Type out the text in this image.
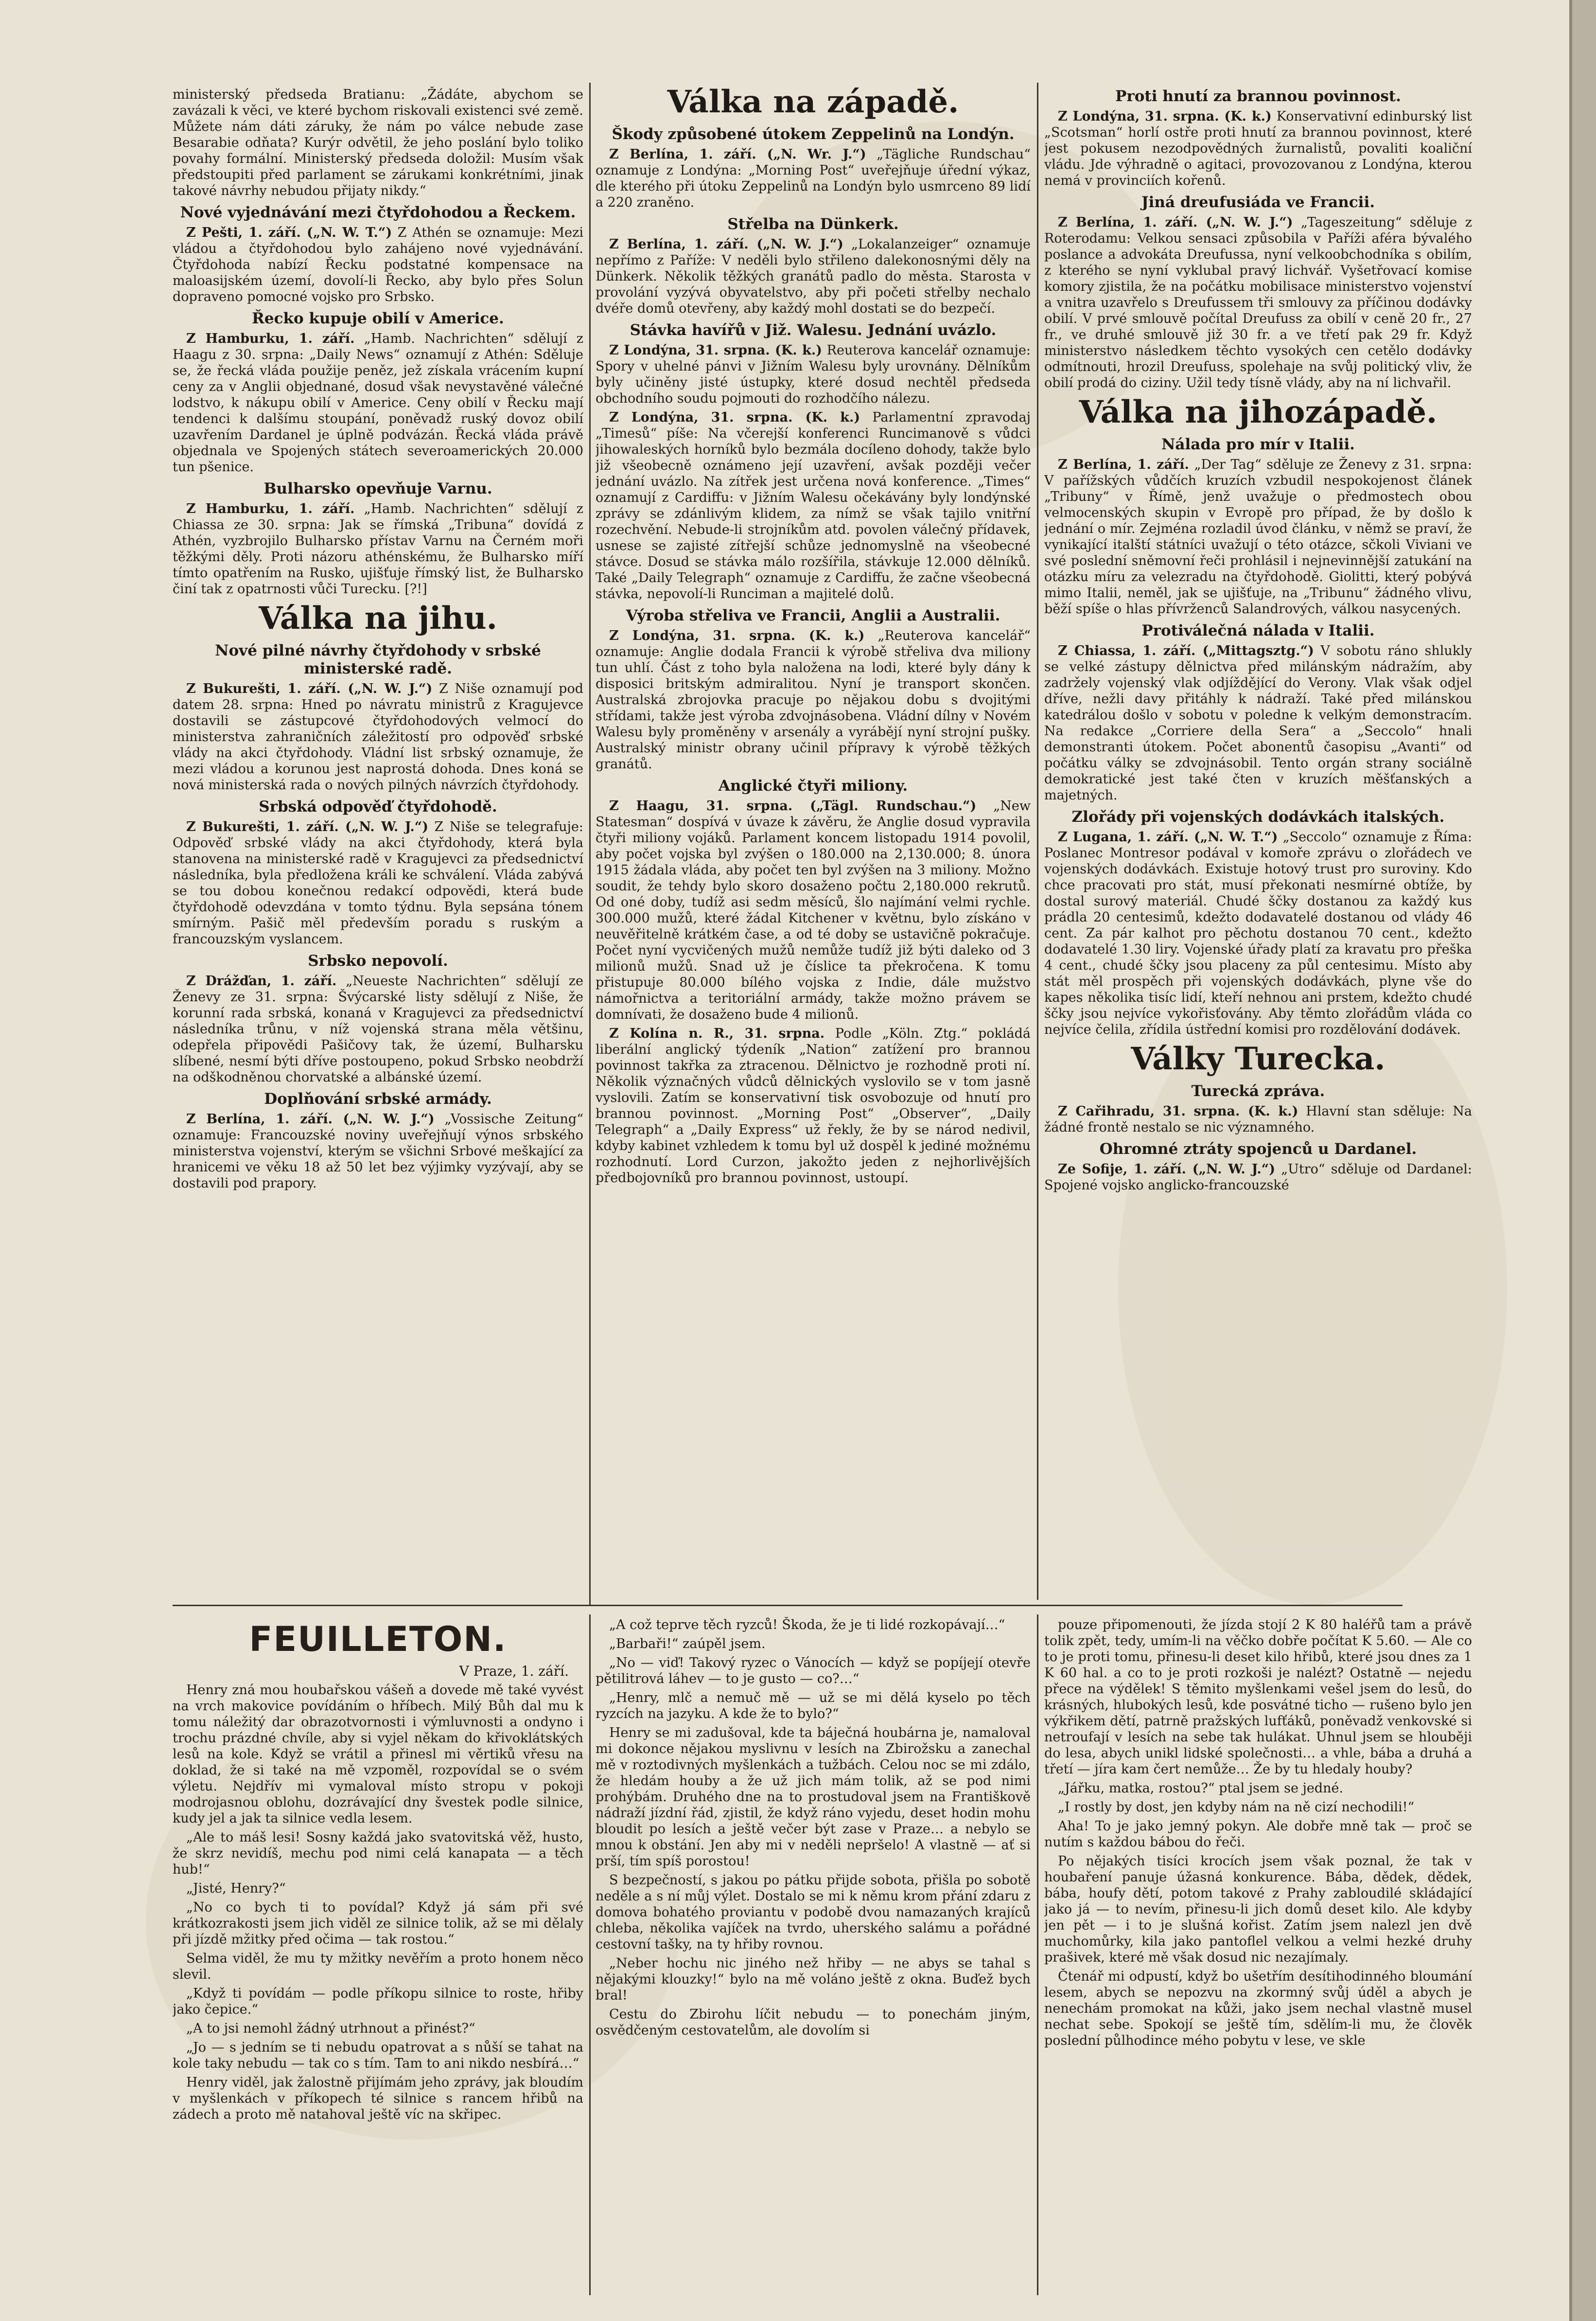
ministerský předseda Bratianu: „Žádáte, abychom se zavázali k věci, ve které bychom riskovali existenci své země. Můžete nám dáti záruky, že nám po válce nebude zase Besarabie odňata? Kurýr odvětil, že jeho poslání bylo toliko povahy formální. Ministerský předseda doložil: Musím však předstoupiti před parlament se zárukami konkrétními, jinak takové návrhy nebudou přijaty nikdy.“

Nové vyjednávání mezi čtyřdohodou a Řeckem.

Z Pešti, 1. září. („N. W. T.“) Z Athén se oznamuje: Mezi vládou a čtyřdohodou bylo zahájeno nové vyjednávání. Čtyřdohoda nabízí Řecku podstatné kompensace na maloasijském území, dovolí-li Řecko, aby bylo přes Solun dopraveno pomocné vojsko pro Srbsko.

Řecko kupuje obilí v Americe.

Z Hamburku, 1. září. „Hamb. Nachrichten“ sdělují z Haagu z 30. srpna: „Daily News“ oznamují z Athén: Sděluje se, že řecká vláda použije peněz, jež získala vrácením kupní ceny za v Anglii objednané, dosud však nevystavěné válečné lodstvo, k nákupu obilí v Americe. Ceny obilí v Řecku mají tendenci k dalšímu stoupání, poněvadž ruský dovoz obilí uzavřením Dardanel je úplně podvázán. Řecká vláda právě objednala ve Spojených státech severoamerických 20.000 tun pšenice.

Bulharsko opevňuje Varnu.

Z Hamburku, 1. září. „Hamb. Nachrichten“ sdělují z Chiassa ze 30. srpna: Jak se římská „Tribuna“ dovídá z Athén, vyzbrojilo Bulharsko přístav Varnu na Černém moři těžkými děly. Proti názoru athénskému, že Bulharsko míří tímto opatřením na Rusko, ujišťuje římský list, že Bulharsko činí tak z opatrnosti vůči Turecku. [?!]

Válka na jihu.
Nové pilné návrhy čtyřdohody v srbské ministerské radě.

Z Bukurešti, 1. září. („N. W. J.“) Z Niše oznamují pod datem 28. srpna: Hned po návratu ministrů z Kragujevce dostavili se zástupcové čtyřdohodových velmocí do ministerstva zahraničních záležitostí pro odpověď srbské vlády na akci čtyřdohody. Vládní list srbský oznamuje, že mezi vládou a korunou jest naprostá dohoda. Dnes koná se nová ministerská rada o nových pilných návrzích čtyřdohody.

Srbská odpověď čtyřdohodě.

Z Bukurešti, 1. září. („N. W. J.“) Z Niše se telegrafuje: Odpověď srbské vlády na akci čtyřdohody, která byla stanovena na ministerské radě v Kragujevci za předsednictví následníka, byla předložena králi ke schválení. Vláda zabývá se tou dobou konečnou redakcí odpovědi, která bude čtyřdohodě odevzdána v tomto týdnu. Byla sepsána tónem smírným. Pašič měl především poradu s ruským a francouzským vyslancem.

Srbsko nepovolí.

Z Drážďan, 1. září. „Neueste Nachrichten“ sdělují ze Ženevy ze 31. srpna: Švýcarské listy sdělují z Niše, že korunní rada srbská, konaná v Kragujevci za předsednictví následníka trůnu, v níž vojenská strana měla většinu, odepřela připovědi Pašičovy tak, že území, Bulharsku slíbené, nesmí býti dříve postoupeno, pokud Srbsko neobdrží na odškodněnou chorvatské a albánské území.

Doplňování srbské armády.

Z Berlína, 1. září. („N. W. J.“) „Vossische Zeitung“ oznamuje: Francouzské noviny uveřejňují výnos srbského ministerstva vojenství, kterým se všichni Srbové meškající za hranicemi ve věku 18 až 50 let bez výjimky vyzývají, aby se dostavili pod prapory.

Válka na západě.
Škody způsobené útokem Zeppelinů na Londýn.

Z Berlína, 1. září. („N. Wr. J.“) „Tägliche Rundschau“ oznamuje z Londýna: „Morning Post“ uveřejňuje úřední výkaz, dle kterého při útoku Zeppelinů na Londýn bylo usmrceno 89 lidí a 220 zraněno.

Střelba na Dünkerk.

Z Berlína, 1. září. („N. W. J.“) „Lokalanzeiger“ oznamuje nepřímo z Paříže: V neděli bylo střileno dalekonosnými děly na Dünkerk. Několik těžkých granátů padlo do města. Starosta v provolání vyzývá obyvatelstvo, aby při početi střelby nechalo dvéře domů otevřeny, aby každý mohl dostati se do bezpečí.

Stávka havířů v Již. Walesu. Jednání uvázlo.

Z Londýna, 31. srpna. (K. k.) Reuterova kancelář oznamuje: Spory v uhelné pánvi v Jižním Walesu byly urovnány. Dělníkům byly učiněny jisté ústupky, které dosud nechtěl předseda obchodního soudu pojmouti do rozhodčího nálezu.

Z Londýna, 31. srpna. (K. k.) Parlamentní zpravodaj „Timesů“ píše: Na včerejší konferenci Runcimanově s vůdci jihowaleských horníků bylo bezmála docíleno dohody, takže bylo již všeobecně oznámeno její uzavření, avšak později večer jednání uvázlo. Na zítřek jest určena nová konference. „Times“ oznamují z Cardiffu: v Jižním Walesu očekávány byly londýnské zprávy se zdánlivým klidem, za nímž se však tajilo vnitřní rozechvění. Nebude-li strojníkům atd. povolen válečný přídavek, usnese se zajisté zítřejší schůze jednomyslně na všeobecné stávce. Dosud se stávka málo rozšířila, stávkuje 12.000 dělníků. Také „Daily Telegraph“ oznamuje z Cardiffu, že začne všeobecná stávka, nepovolí-li Runciman a majitelé dolů.

Výroba střeliva ve Francii, Anglii a Australii.

Z Londýna, 31. srpna. (K. k.) „Reuterova kancelář“ oznamuje: Anglie dodala Francii k výrobě střeliva dva miliony tun uhlí. Část z toho byla naložena na lodi, které byly dány k disposici britským admiralitou. Nyní je transport skončen. Australská zbrojovka pracuje po nějakou dobu s dvojitými střídami, takže jest výroba zdvojnásobena. Vládní dílny v Novém Walesu byly proměněny v arsenály a vyrábějí nyní strojní pušky. Australský ministr obrany učinil přípravy k výrobě těžkých granátů.

Anglické čtyři miliony.

Z Haagu, 31. srpna. („Tägl. Rundschau.“) „New Statesman“ dospívá v úvaze k závěru, že Anglie dosud vypravila čtyři miliony vojáků. Parlament koncem listopadu 1914 povolil, aby počet vojska byl zvýšen o 180.000 na 2,130.000; 8. února 1915 žádala vláda, aby počet ten byl zvýšen na 3 miliony. Možno soudit, že tehdy bylo skoro dosaženo počtu 2,180.000 rekrutů. Od oné doby, tudíž asi sedm měsíců, šlo najímání velmi rychle. 300.000 mužů, které žádal Kitchener v květnu, bylo získáno v neuvěřitelně krátkém čase, a od té doby se ustavičně pokračuje. Počet nyní vycvičených mužů nemůže tudíž již býti daleko od 3 milionů mužů. Snad už je číslice ta překročena. K tomu přistupuje 80.000 bílého vojska z Indie, dále mužstvo námořnictva a teritoriální armády, takže možno právem se domnívati, že dosaženo bude 4 milionů.

Z Kolína n. R., 31. srpna. Podle „Köln. Ztg.“ pokládá liberální anglický týdeník „Nation“ zatížení pro brannou povinnost takřka za ztracenou. Dělnictvo je rozhodně proti ní. Několik význačných vůdců dělnických vyslovilo se v tom jasně vyslovili. Zatím se konservativní tisk osvobozuje od hnutí pro brannou povinnost. „Morning Post“ „Observer“, „Daily Telegraph“ a „Daily Express“ už řekly, že by se národ nedivil, kdyby kabinet vzhledem k tomu byl už dospěl k jediné možnému rozhodnutí. Lord Curzon, jakožto jeden z nejhorlivějších předbojovníků pro brannou povinnost, ustoupí.

Proti hnutí za brannou povinnost.

Z Londýna, 31. srpna. (K. k.) Konservativní edinburský list „Scotsman“ horlí ostře proti hnutí za brannou povinnost, které jest pokusem nezodpovědných žurnalistů, povaliti koaliční vládu. Jde výhradně o agitaci, provozovanou z Londýna, kterou nemá v provinciích kořenů.

Jiná dreufusiáda ve Francii.

Z Berlína, 1. září. („N. W. J.“) „Tageszeitung“ sděluje z Roterodamu: Velkou sensaci způsobila v Paříži aféra bývalého poslance a advokáta Dreufussa, nyní velkoobchodníka s obilím, z kterého se nyní vyklubal pravý lichvář. Vyšetřovací komise komory zjistila, že na počátku mobilisace ministerstvo vojenství a vnitra uzavřelo s Dreufussem tři smlouvy za příčinou dodávky obilí. V prvé smlouvě počítal Dreufuss za obilí v ceně 20 fr., 27 fr., ve druhé smlouvě již 30 fr. a ve třetí pak 29 fr. Když ministerstvo následkem těchto vysokých cen cetělo dodávky odmítnouti, hrozil Dreufuss, spolehaje na svůj politický vliv, že obilí prodá do ciziny. Užil tedy tísně vlády, aby na ní lichvařil.

Válka na jihozápadě.
Nálada pro mír v Italii.

Z Berlína, 1. září. „Der Tag“ sděluje ze Ženevy z 31. srpna: V pařížských vůdčích kruzích vzbudil nespokojenost článek „Tribuny“ v Římě, jenž uvažuje o předmostech obou velmocenských skupin v Evropě pro případ, že by došlo k jednání o mír. Zejména rozladil úvod článku, v němž se praví, že vynikající italští státníci uvažují o této otázce, sčkoli Viviani ve své poslední sněmovní řeči prohlásil i nejnevinnější zatukání na otázku míru za velezradu na čtyřdohodě. Giolitti, který pobývá mimo Italii, neměl, jak se ujišťuje, na „Tribunu“ žádného vlivu, běží spíše o hlas přívrženců Salandrových, válkou nasycených.

Protiválečná nálada v Italii.

Z Chiassa, 1. září. („Mittagsztg.“) V sobotu ráno shlukly se velké zástupy dělnictva před milánským nádražím, aby zadržely vojenský vlak odjíždějící do Verony. Vlak však odjel dříve, nežli davy přitáhly k nádraží. Také před milánskou katedrálou došlo v sobotu v poledne k velkým demonstracím. Na redakce „Corriere della Sera“ a „Seccolo“ hnali demonstranti útokem. Počet abonentů časopisu „Avanti“ od počátku války se zdvojnásobil. Tento orgán strany sociálně demokratické jest také čten v kruzích měšťanských a majetných.

Zlořády při vojenských dodávkách italských.

Z Lugana, 1. září. („N. W. T.“) „Seccolo“ oznamuje z Říma: Poslanec Montresor podával v komoře zprávu o zlořádech ve vojenských dodávkách. Existuje hotový trust pro suroviny. Kdo chce pracovati pro stát, musí překonati nesmírné obtíže, by dostal surový materiál. Chudé ščky dostanou za každý kus prádla 20 centesimů, kdežto dodavatelé dostanou od vlády 46 cent. Za pár kalhot pro pěchotu dostanou 70 cent., kdežto dodavatelé 1.30 liry. Vojenské úřady platí za kravatu pro přeška 4 cent., chudé ščky jsou placeny za půl centesimu. Místo aby stát měl prospěch při vojenských dodávkách, plyne vše do kapes několika tisíc lidí, kteří nehnou ani prstem, kdežto chudé ščky jsou nejvíce vykořisťovány. Aby těmto zlořádům vláda co nejvíce čelila, zřídila ústřední komisi pro rozdělování dodávek.

Války Turecka.
Turecká zpráva.

Z Cařihradu, 31. srpna. (K. k.) Hlavní stan sděluje: Na žádné frontě nestalo se nic významného.

Ohromné ztráty spojenců u Dardanel.

Ze Sofije, 1. září. („N. W. J.“) „Utro“ sděluje od Dardanel: Spojené vojsko anglicko-francouzské

FEUILLETON.
V Praze, 1. září.

Henry zná mou houbařskou vášeň a dovede mě také vyvést na vrch makovice povídáním o hříbech. Milý Bůh dal mu k tomu náležitý dar obrazotvornosti i výmluvnosti a ondyno i trochu prázdné chvíle, aby si vyjel někam do křivoklátských lesů na kole. Když se vrátil a přinesl mi věrtiků vřesu na doklad, že si také na mě vzpoměl, rozpovídal se o svém výletu. Nejdřív mi vymaloval místo stropu v pokoji modrojasnou oblohu, dozrávající dny švestek podle silnice, kudy jel a jak ta silnice vedla lesem.

„Ale to máš lesi! Sosny každá jako svatovitská věž, husto, že skrz nevidíš, mechu pod nimi celá kanapata — a těch hub!“

„Jisté, Henry?“

„No co bych ti to povídal? Když já sám při své krátkozrakosti jsem jich viděl ze silnice tolik, až se mi dělaly při jízdě mžitky před očima — tak rostou.“

Selma viděl, že mu ty mžitky nevěřím a proto honem něco slevil.

„Když ti povídám — podle příkopu silnice to roste, hřiby jako čepice.“

„A to jsi nemohl žádný utrhnout a přinést?“

„Jo — s jedním se ti nebudu opatrovat a s nůší se tahat na kole taky nebudu — tak co s tím. Tam to ani nikdo nesbírá…“

Henry viděl, jak žalostně přijímám jeho zprávy, jak bloudím v myšlenkách v příkopech té silnice s rancem hřibů na zádech a proto mě natahoval ještě víc na skřipec.

„A což teprve těch ryzců! Škoda, že je ti lidé rozkopávají…“

„Barbaři!“ zaúpěl jsem.

„No — viď! Takový ryzec o Vánocích — když se popíjejí otevře pětilitrová láhev — to je gusto — co?…“

„Henry, mlč a nemuč mě — už se mi dělá kyselo po těch ryzcích na jazyku. A kde že to bylo?“

Henry se mi zadušoval, kde ta báječná houbárna je, namaloval mi dokonce nějakou myslivnu v lesích na Zbirožsku a zanechal mě v roztodivných myšlenkách a tužbách. Celou noc se mi zdálo, že hledám houby a že už jich mám tolik, až se pod nimi prohýbám. Druhého dne na to prostudoval jsem na Františkově nádraží jízdní řád, zjistil, že když ráno vyjedu, deset hodin mohu bloudit po lesích a ještě večer být zase v Praze… a nebylo se mnou k obstání. Jen aby mi v neděli nepršelo! A vlastně — ať si prší, tím spíš porostou!

S bezpečností, s jakou po pátku přijde sobota, přišla po sobotě neděle a s ní můj výlet. Dostalo se mi k němu krom přání zdaru z domova bohatého proviantu v podobě dvou namazaných krajíců chleba, několika vajíček na tvrdo, uherského salámu a pořádné cestovní tašky, na ty hřiby rovnou.

„Neber hochu nic jiného než hřiby — ne abys se tahal s nějakými klouzky!“ bylo na mě voláno ještě z okna. Buďež bych bral!

Cestu do Zbirohu líčit nebudu — to ponechám jiným, osvědčeným cestovatelům, ale dovolím si

pouze připomenouti, že jízda stojí 2 K 80 haléřů tam a právě tolik zpět, tedy, umím-li na věčko dobře počítat K 5.60. — Ale co to je proti tomu, přinesu-li deset kilo hřibů, které jsou dnes za 1 K 60 hal. a co to je proti rozkoši je nalézt? Ostatně — nejedu přece na výdělek! S těmito myšlenkami vešel jsem do lesů, do krásných, hlubokých lesů, kde posvátné ticho — rušeno bylo jen výkřikem dětí, patrně pražských lufťáků, poněvadž venkovské si netroufají v lesích na sebe tak hulákat. Uhnul jsem se hlouběji do lesa, abych unikl lidské společnosti… a vhle, bába a druhá a třetí — jíra kam čert nemůže… Že by tu hledaly houby?

„Jářku, matka, rostou?“ ptal jsem se jedné.

„I rostly by dost, jen kdyby nám na ně cizí nechodili!“

Aha! To je jako jemný pokyn. Ale dobře mně tak — proč se nutím s každou bábou do řeči.

Po nějakých tisíci krocích jsem však poznal, že tak v houbaření panuje úžasná konkurence. Bába, dědek, dědek, bába, houfy dětí, potom takové z Prahy zabloudilé skládající jako já — to nevím, přinesu-li jich domů deset kilo. Ale kdyby jen pět — i to je slušná kořist. Zatím jsem nalezl jen dvě muchomůrky, kila jako pantoflel velkou a velmi hezké druhy prašivek, které mě však dosud nic nezajímaly.

Čtenář mi odpustí, když bo ušetřím desítihodinného bloumání lesem, abych se nepozvu na zkormný svůj úděl a abych je nenechám promokat na kůži, jako jsem nechal vlastně musel nechat sebe. Spokojí se ještě tím, sdělím-li mu, že člověk poslední půlhodince mého pobytu v lese, ve skle
